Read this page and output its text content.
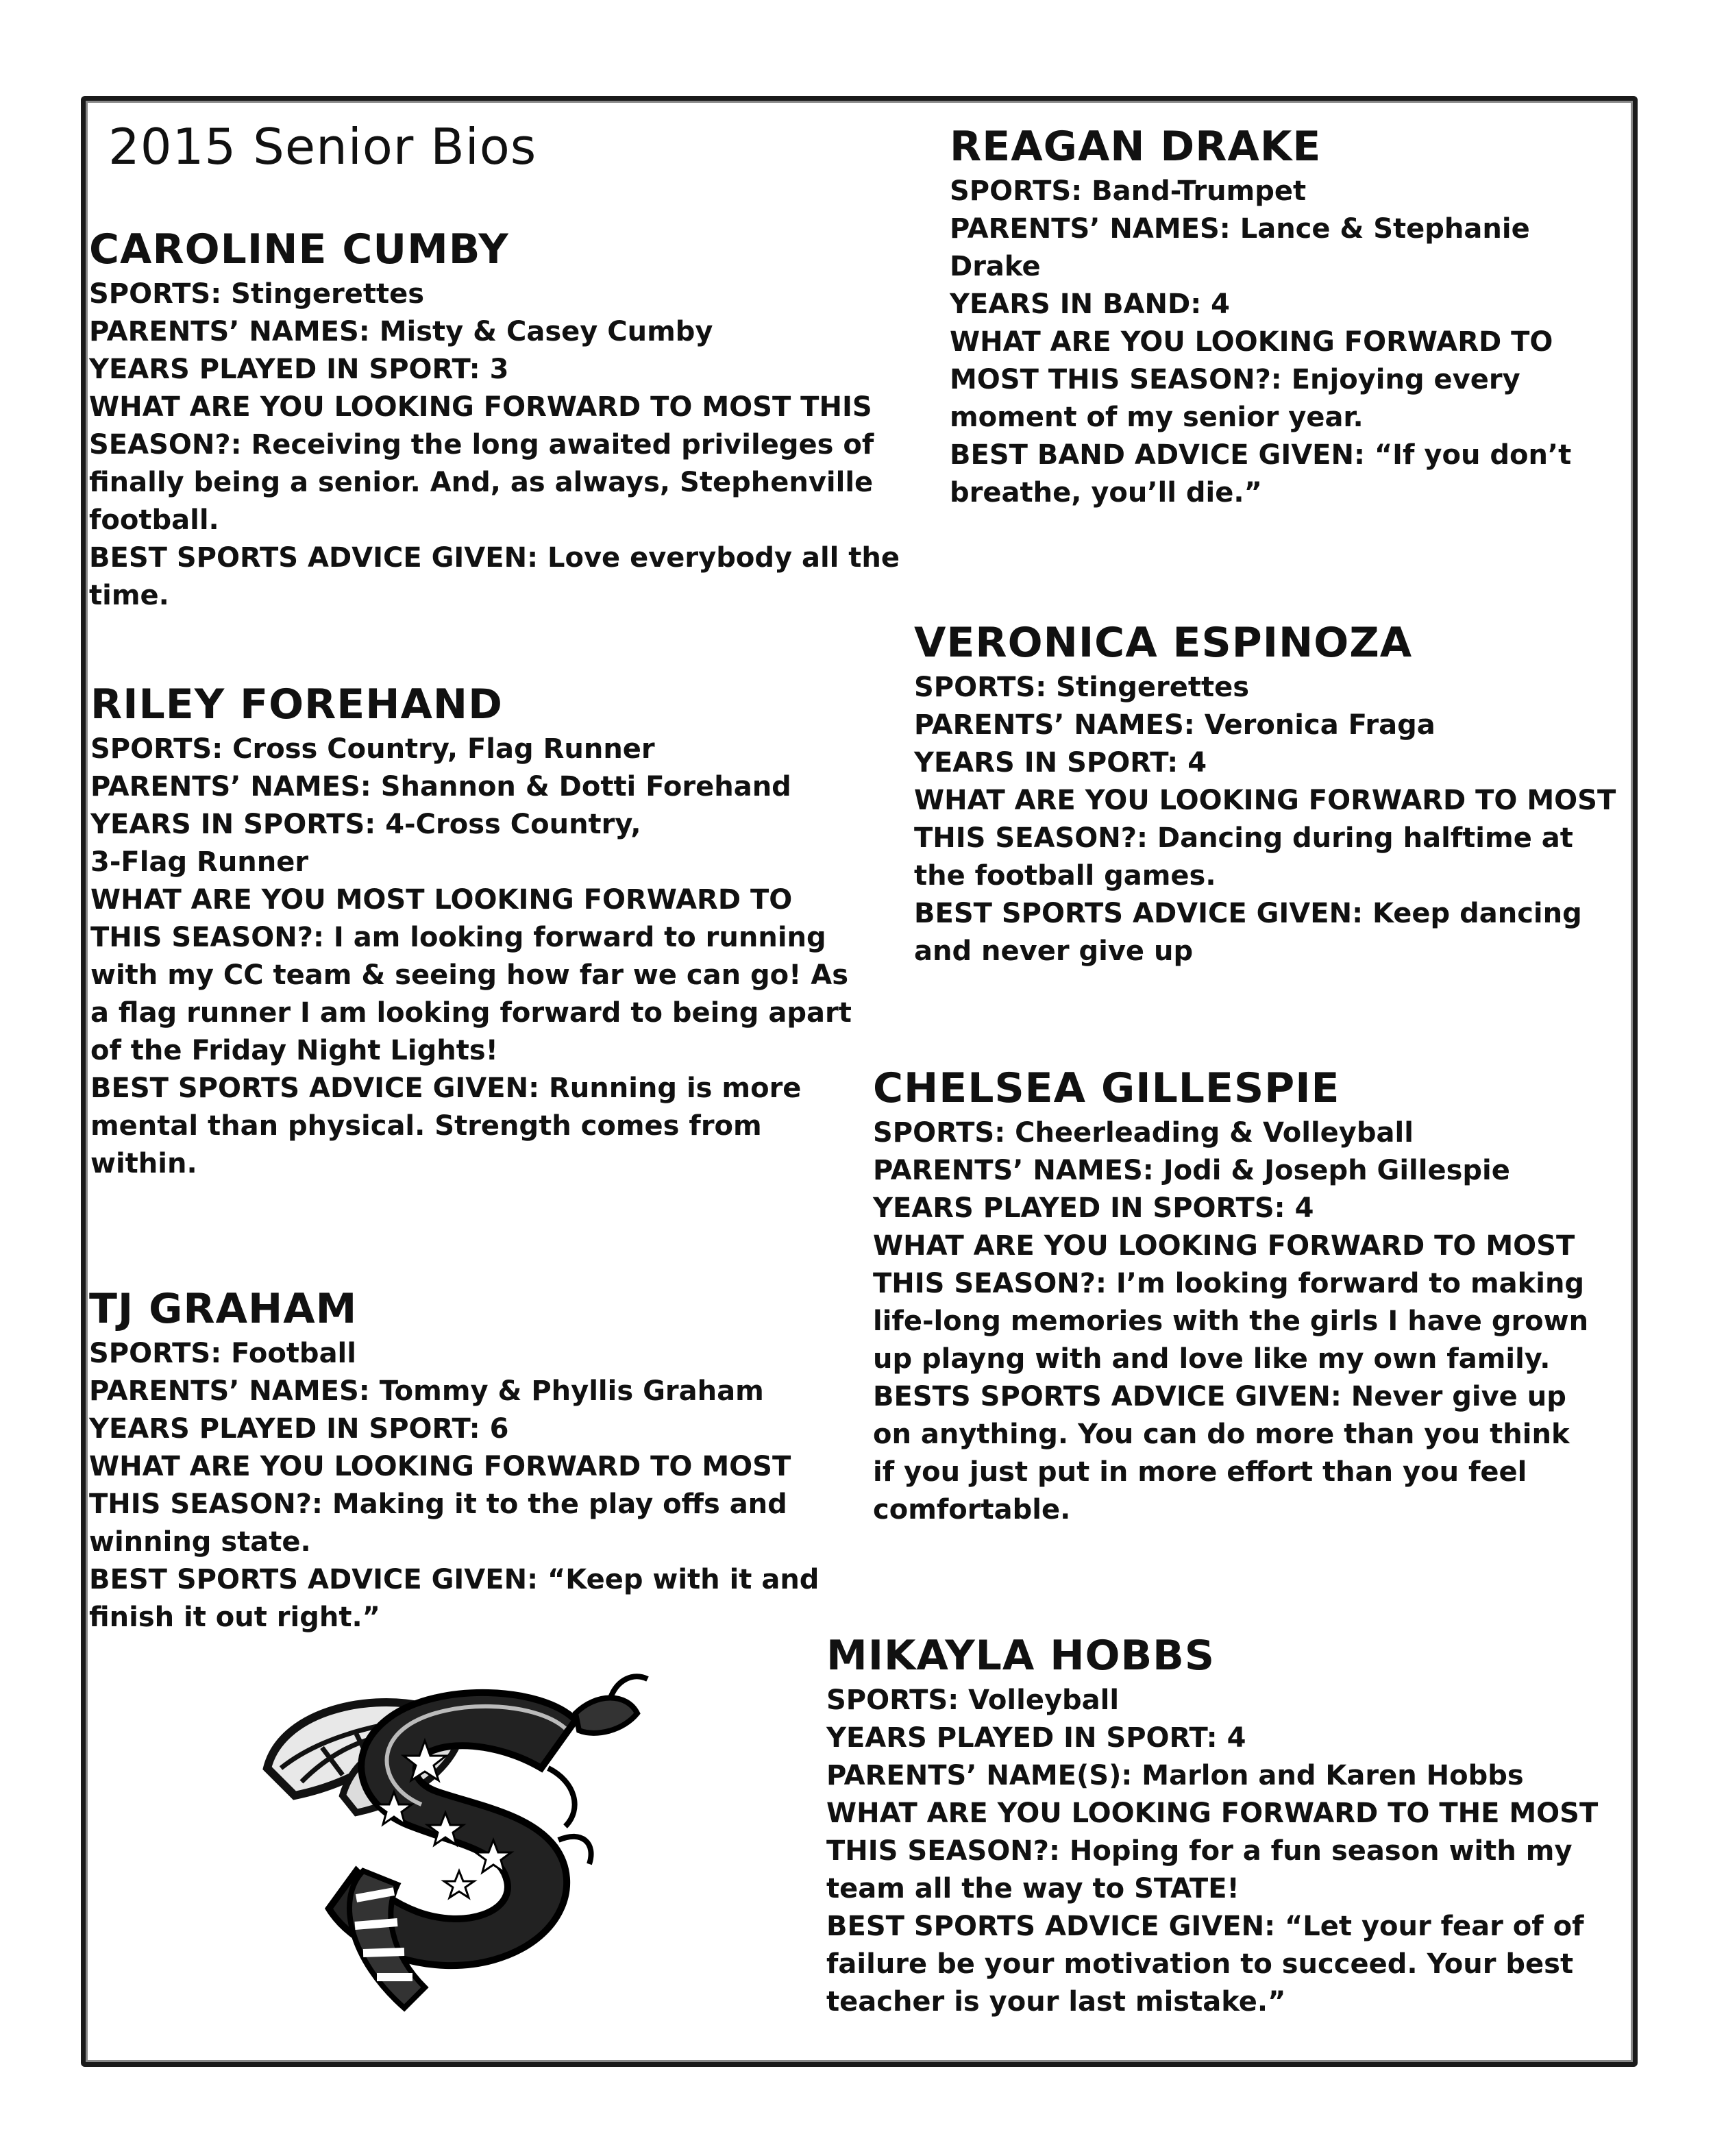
2015 Senior Bios
CAROLINE CUMBY

SPORTS: Stingerettes

PARENTS’ NAMES: Misty & Casey Cumby

YEARS PLAYED IN SPORT: 3

WHAT ARE YOU LOOKING FORWARD TO MOST THIS SEASON?: Receiving the long awaited privileges of finally being a senior. And, as always, Stephenville football.

BEST SPORTS ADVICE GIVEN: Love everybody all the time.

RILEY FOREHAND

SPORTS: Cross Country, Flag Runner

PARENTS’ NAMES: Shannon & Dotti Forehand

YEARS IN SPORTS: 4-Cross Country,

3-Flag Runner

WHAT ARE YOU MOST LOOKING FORWARD TO THIS SEASON?: I am looking forward to running with my CC team & seeing how far we can go! As a flag runner I am looking forward to being apart of the Friday Night Lights!

BEST SPORTS ADVICE GIVEN: Running is more mental than physical. Strength comes from within.

TJ GRAHAM

SPORTS: Football

PARENTS’ NAMES: Tommy & Phyllis Graham

YEARS PLAYED IN SPORT: 6

WHAT ARE YOU LOOKING FORWARD TO MOST THIS SEASON?: Making it to the play offs and winning state.

BEST SPORTS ADVICE GIVEN: “Keep with it and finish it out right.”

REAGAN DRAKE

SPORTS: Band-Trumpet

PARENTS’ NAMES: Lance & Stephanie Drake

YEARS IN BAND: 4

WHAT ARE YOU LOOKING FORWARD TO MOST THIS SEASON?: Enjoying every moment of my senior year.

BEST BAND ADVICE GIVEN: “If you don’t breathe, you’ll die.”

VERONICA ESPINOZA

SPORTS: Stingerettes

PARENTS’ NAMES: Veronica Fraga

YEARS IN SPORT: 4

WHAT ARE YOU LOOKING FORWARD TO MOST THIS SEASON?: Dancing during halftime at the football games.

BEST SPORTS ADVICE GIVEN: Keep dancing and never give up

CHELSEA GILLESPIE

SPORTS: Cheerleading & Volleyball

PARENTS’ NAMES: Jodi & Joseph Gillespie

YEARS PLAYED IN SPORTS: 4

WHAT ARE YOU LOOKING FORWARD TO MOST THIS SEASON?: I’m looking forward to making life-long memories with the girls I have grown up playng with and love like my own family.

BESTS SPORTS ADVICE GIVEN: Never give up on anything. You can do more than you think if you just put in more effort than you feel comfortable.

MIKAYLA HOBBS

SPORTS: Volleyball

YEARS PLAYED IN SPORT: 4

PARENTS’ NAME(S): Marlon and Karen Hobbs

WHAT ARE YOU LOOKING FORWARD TO THE MOST THIS SEASON?: Hoping for a fun season with my team all the way to STATE!

BEST SPORTS ADVICE GIVEN: “Let your fear of of failure be your motivation to succeed. Your best teacher is your last mistake.”
